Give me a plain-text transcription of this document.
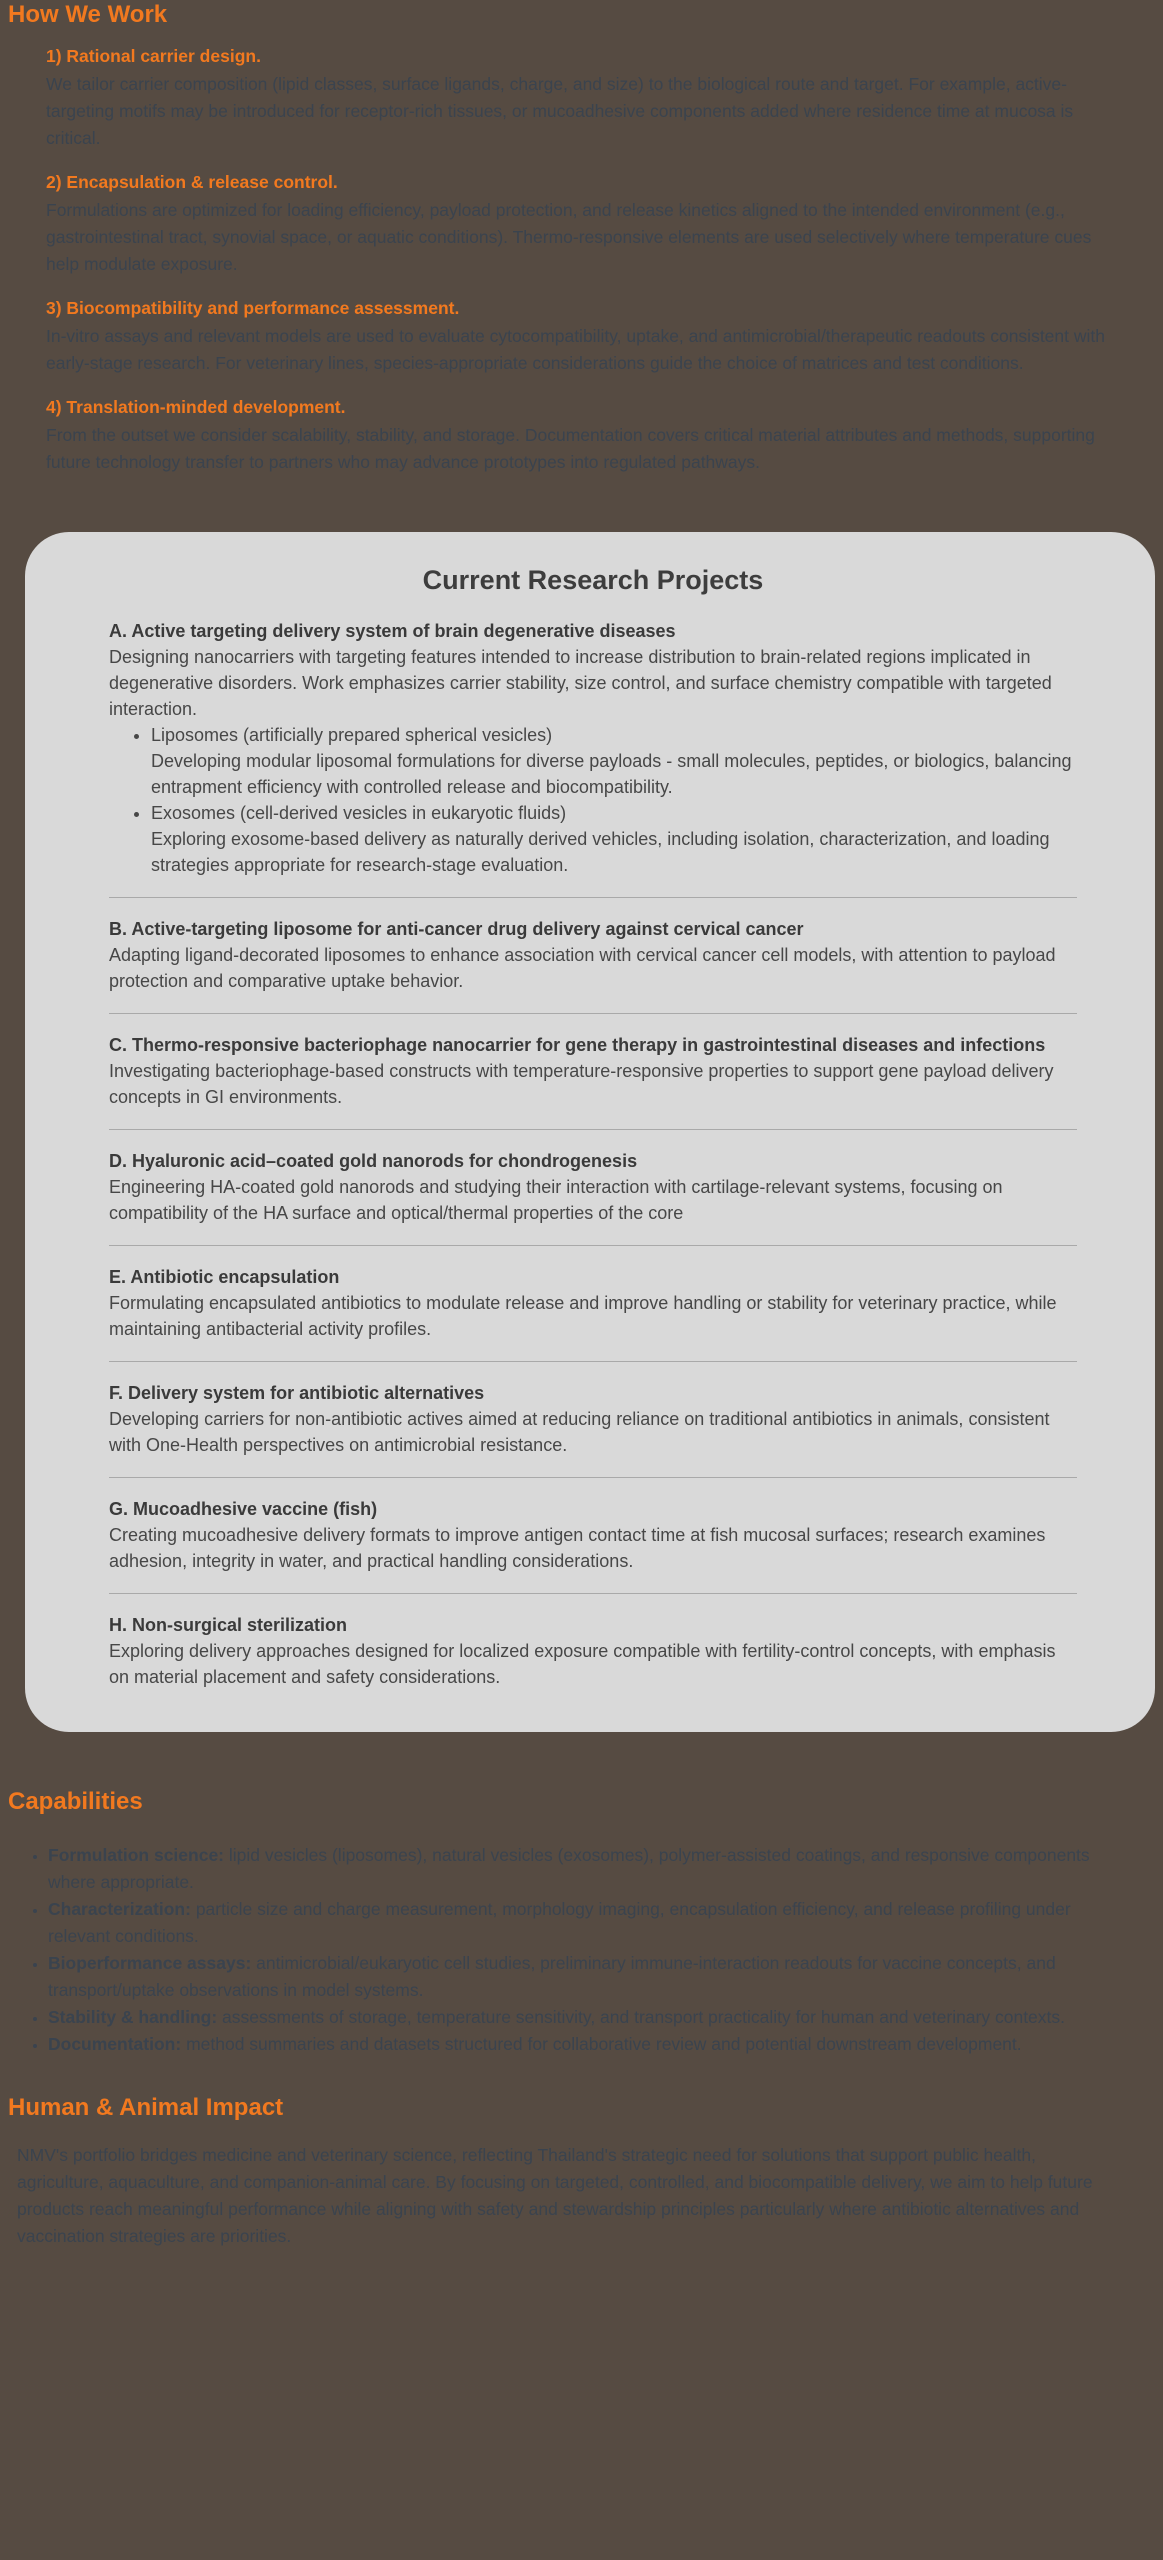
How We Work
1) Rational carrier design.

We tailor carrier composition (lipid classes, surface ligands, charge, and size) to the biological route and target. For example, active-targeting motifs may be introduced for receptor-rich tissues, or mucoadhesive components added where residence time at mucosa is critical.

2) Encapsulation & release control.

Formulations are optimized for loading efficiency, payload protection, and release kinetics aligned to the intended environment (e.g., gastrointestinal tract, synovial space, or aquatic conditions). Thermo-responsive elements are used selectively where temperature cues help modulate exposure.

3) Biocompatibility and performance assessment.

In-vitro assays and relevant models are used to evaluate cytocompatibility, uptake, and antimicrobial/therapeutic readouts consistent with early-stage research. For veterinary lines, species-appropriate considerations guide the choice of matrices and test conditions.

4) Translation-minded development.

From the outset we consider scalability, stability, and storage. Documentation covers critical material attributes and methods, supporting future technology transfer to partners who may advance prototypes into regulated pathways.

Current Research Projects
A. Active targeting delivery system of brain degenerative diseases

Designing nanocarriers with targeting features intended to increase distribution to brain-related regions implicated in degenerative disorders. Work emphasizes carrier stability, size control, and surface chemistry compatible with targeted interaction.

• Liposomes (artificially prepared spherical vesicles)
Developing modular liposomal formulations for diverse payloads - small molecules, peptides, or biologics, balancing entrapment efficiency with controlled release and biocompatibility.
• Exosomes (cell-derived vesicles in eukaryotic fluids)
Exploring exosome-based delivery as naturally derived vehicles, including isolation, characterization, and loading strategies appropriate for research-stage evaluation.
B. Active-targeting liposome for anti-cancer drug delivery against cervical cancer

Adapting ligand-decorated liposomes to enhance association with cervical cancer cell models, with attention to payload protection and comparative uptake behavior.

C. Thermo-responsive bacteriophage nanocarrier for gene therapy in gastrointestinal diseases and infections

Investigating bacteriophage-based constructs with temperature-responsive properties to support gene payload delivery concepts in GI environments.

D. Hyaluronic acid–coated gold nanorods for chondrogenesis

Engineering HA-coated gold nanorods and studying their interaction with cartilage-relevant systems, focusing on compatibility of the HA surface and optical/thermal properties of the core

E. Antibiotic encapsulation

Formulating encapsulated antibiotics to modulate release and improve handling or stability for veterinary practice, while maintaining antibacterial activity profiles.

F. Delivery system for antibiotic alternatives

Developing carriers for non-antibiotic actives aimed at reducing reliance on traditional antibiotics in animals, consistent with One-Health perspectives on antimicrobial resistance.

G. Mucoadhesive vaccine (fish)

Creating mucoadhesive delivery formats to improve antigen contact time at fish mucosal surfaces; research examines adhesion, integrity in water, and practical handling considerations.

H. Non-surgical sterilization

Exploring delivery approaches designed for localized exposure compatible with fertility-control concepts, with emphasis on material placement and safety considerations.

Capabilities
• Formulation science: lipid vesicles (liposomes), natural vesicles (exosomes), polymer-assisted coatings, and responsive components where appropriate.
• Characterization: particle size and charge measurement, morphology imaging, encapsulation efficiency, and release profiling under relevant conditions.
• Bioperformance assays: antimicrobial/eukaryotic cell studies, preliminary immune-interaction readouts for vaccine concepts, and transport/uptake observations in model systems.
• Stability & handling: assessments of storage, temperature sensitivity, and transport practicality for human and veterinary contexts.
• Documentation: method summaries and datasets structured for collaborative review and potential downstream development.
Human & Animal Impact

NMV's portfolio bridges medicine and veterinary science, reflecting Thailand's strategic need for solutions that support public health, agriculture, aquaculture, and companion-animal care. By focusing on targeted, controlled, and biocompatible delivery, we aim to help future products reach meaningful performance while aligning with safety and stewardship principles particularly where antibiotic alternatives and vaccination strategies are priorities.
